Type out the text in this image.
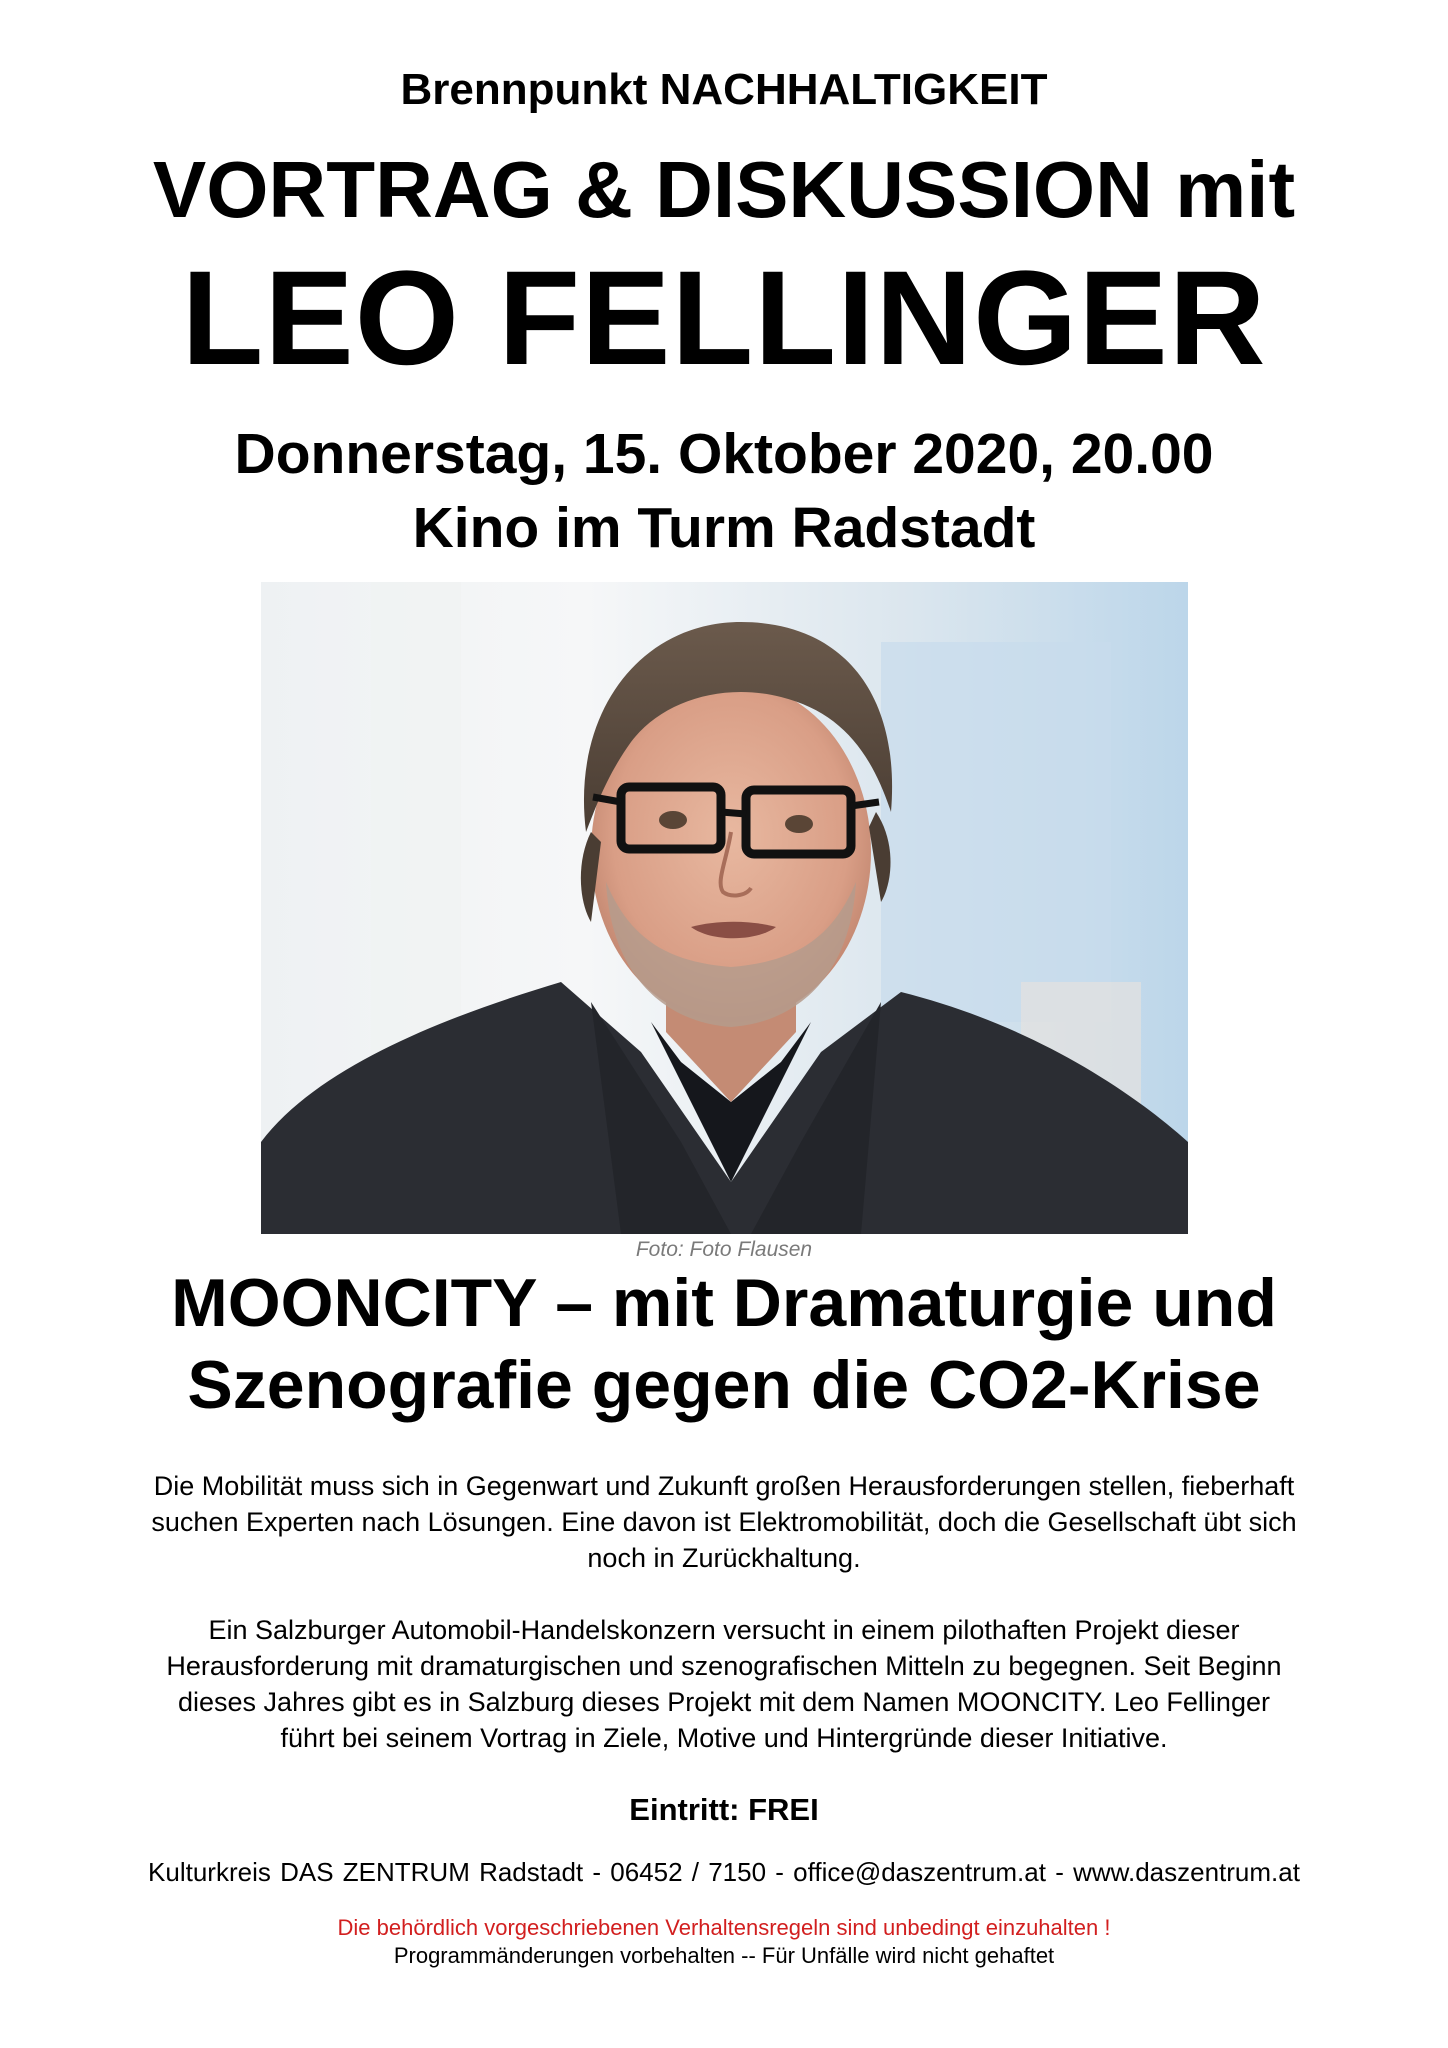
Brennpunkt NACHHALTIGKEIT
VORTRAG & DISKUSSION mit
LEO FELLINGER
Donnerstag, 15. Oktober 2020, 20.00
Kino im Turm Radstadt
Foto: Foto Flausen
MOONCITY – mit Dramaturgie und
Szenografie gegen die CO2-Krise
Die Mobilität muss sich in Gegenwart und Zukunft großen Herausforderungen stellen, fieberhaft
suchen Experten nach Lösungen. Eine davon ist Elektromobilität, doch die Gesellschaft übt sich
noch in Zurückhaltung.
Ein Salzburger Automobil-Handelskonzern versucht in einem pilothaften Projekt dieser
Herausforderung mit dramaturgischen und szenografischen Mitteln zu begegnen. Seit Beginn
dieses Jahres gibt es in Salzburg dieses Projekt mit dem Namen MOONCITY. Leo Fellinger
führt bei seinem Vortrag in Ziele, Motive und Hintergründe dieser Initiative.
Eintritt: FREI
Kulturkreis DAS ZENTRUM Radstadt - 06452 / 7150 - office@daszentrum.at - www.daszentrum.at
Die behördlich vorgeschriebenen Verhaltensregeln sind unbedingt einzuhalten !
Programmänderungen vorbehalten -- Für Unfälle wird nicht gehaftet
